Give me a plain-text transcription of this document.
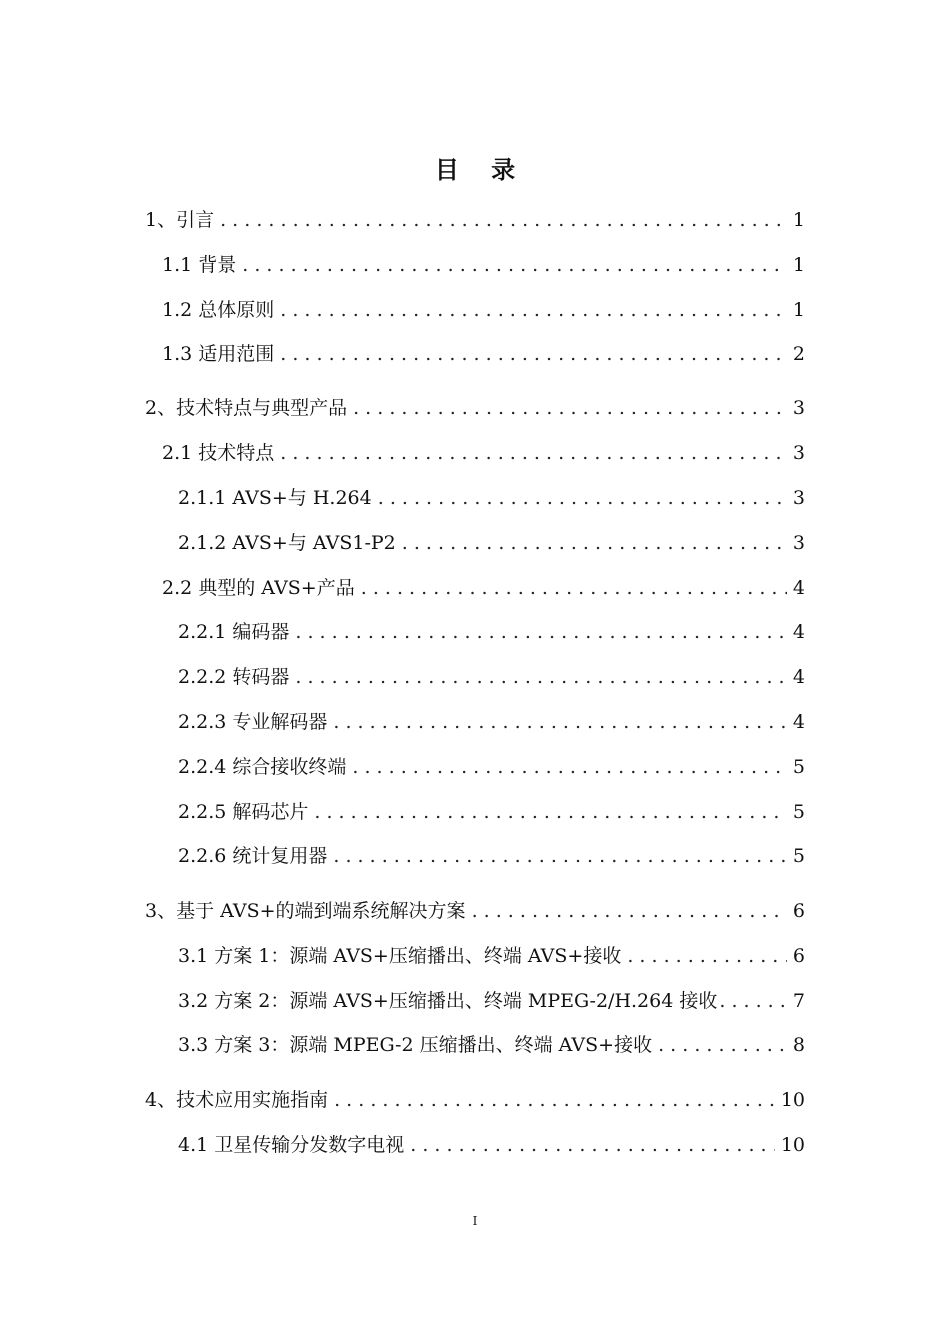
目 录
1、引言 . . .	1
1.1 背景 . . .	1
1.2 总体原则 . . .	1
1.3 适用范围 . . .	2
2、技术特点与典型产品 . . .	3
2.1 技术特点 . . .	3
2.1.1 AVS+与 H.264 . . .	3
2.1.2 AVS+与 AVS1-P2 . . .	3
2.2 典型的 AVS+产品 . . .	4
2.2.1 编码器 . . .	4
2.2.2 转码器 . . .	4
2.2.3 专业解码器 . . .	4
2.2.4 综合接收终端 . . .	5
2.2.5 解码芯片 . . .	5
2.2.6 统计复用器 . . .	5
3、基于 AVS+的端到端系统解决方案 . . .	6
3.1 方案 1：源端 AVS+压缩播出、终端 AVS+接收 . . .	6
3.2 方案 2：源端 AVS+压缩播出、终端 MPEG-2/H.264 接收 . . .	7
3.3 方案 3：源端 MPEG-2 压缩播出、终端 AVS+接收 . . .	8
4、技术应用实施指南 . . .	10
4.1 卫星传输分发数字电视 . . .	10
I
